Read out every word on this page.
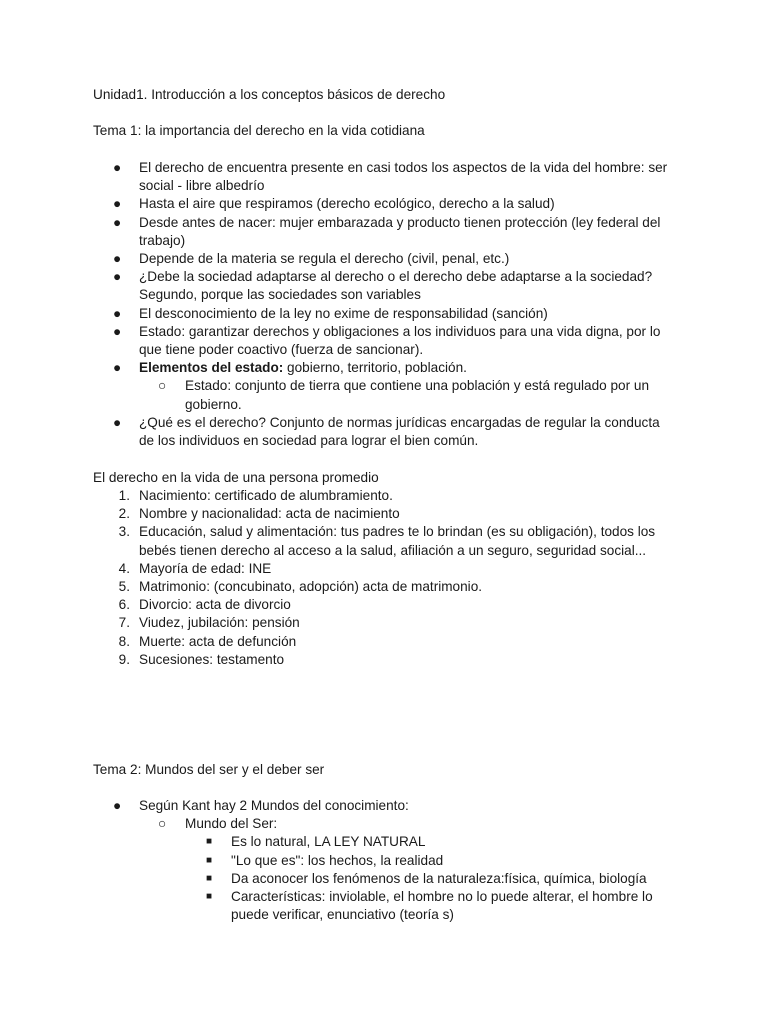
Unidad1. Introducción a los conceptos básicos de derecho

Tema 1: la importancia del derecho en la vida cotidiana

●	El derecho de encuentra presente en casi todos los aspectos de la vida del hombre: ser social - libre albedrío
●	Hasta el aire que respiramos (derecho ecológico, derecho a la salud)
●	Desde antes de nacer: mujer embarazada y producto tienen protección (ley federal del trabajo)
●	Depende de la materia se regula el derecho (civil, penal, etc.)
●	¿Debe la sociedad adaptarse al derecho o el derecho debe adaptarse a la sociedad? Segundo, porque las sociedades son variables
●	El desconocimiento de la ley no exime de responsabilidad (sanción)
●	Estado: garantizar derechos y obligaciones a los individuos para una vida digna, por lo que tiene poder coactivo (fuerza de sancionar).
●	Elementos del estado: gobierno, territorio, población.
○	Estado: conjunto de tierra que contiene una población y está regulado por un gobierno.
●	¿Qué es el derecho? Conjunto de normas jurídicas encargadas de regular la conducta de los individuos en sociedad para lograr el bien común.

El derecho en la vida de una persona promedio

1. Nacimiento: certificado de alumbramiento.
2. Nombre y nacionalidad: acta de nacimiento
3. Educación, salud y alimentación: tus padres te lo brindan (es su obligación), todos los bebés tienen derecho al acceso a la salud, afiliación a un seguro, seguridad social...
4. Mayoría de edad: INE
5. Matrimonio: (concubinato, adopción) acta de matrimonio.
6. Divorcio: acta de divorcio
7. Viudez, jubilación: pensión
8. Muerte: acta de defunción
9. Sucesiones: testamento

Tema 2: Mundos del ser y el deber ser

●	Según Kant hay 2 Mundos del conocimiento:
○	Mundo del Ser:
■	Es lo natural, LA LEY NATURAL
■	"Lo que es": los hechos, la realidad
■	Da aconocer los fenómenos de la naturaleza:física, química, biología
■	Características: inviolable, el hombre no lo puede alterar, el hombre lo puede verificar, enunciativo (teoría s)
